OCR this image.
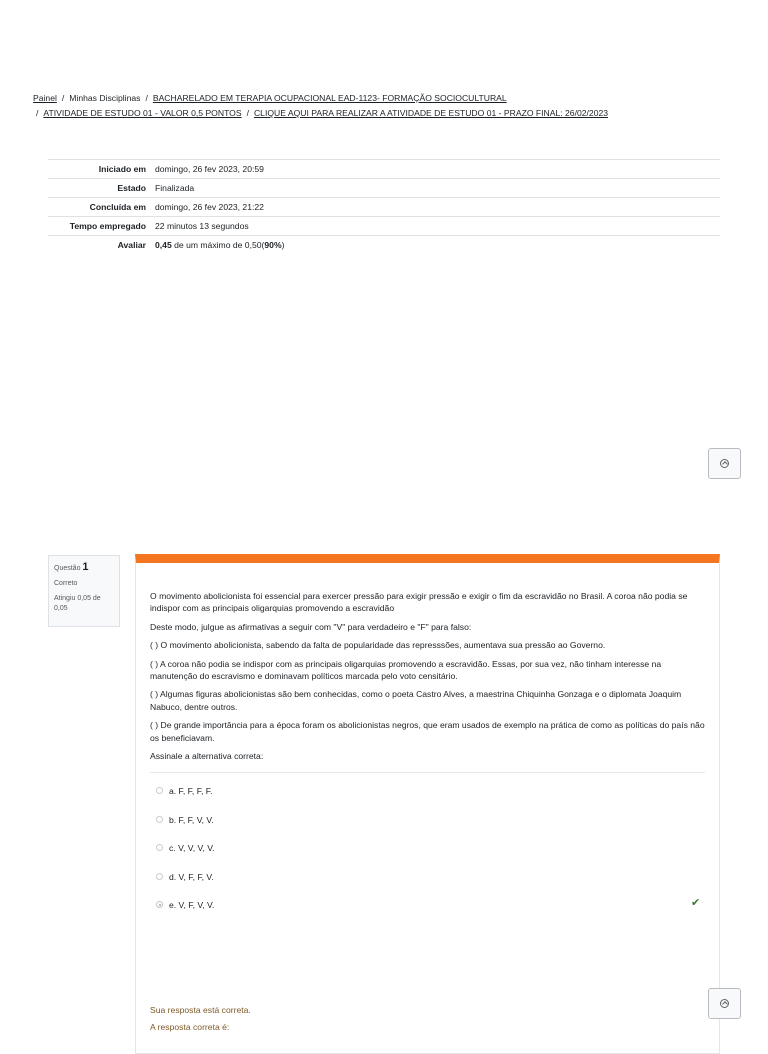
Painel / Minhas Disciplinas / BACHARELADO EM TERAPIA OCUPACIONAL EAD-1123- FORMAÇÃO SOCIOCULTURAL
/ ATIVIDADE DE ESTUDO 01 - VALOR 0,5 PONTOS / CLIQUE AQUI PARA REALIZAR A ATIVIDADE DE ESTUDO 01 - PRAZO FINAL: 26/02/2023
Iniciado em	domingo, 26 fev 2023, 20:59
Estado	Finalizada
Concluída em	domingo, 26 fev 2023, 21:22
Tempo empregado	22 minutos 13 segundos
Avaliar	0,45 de um máximo de 0,50(90%)
Questão 1
Correto
Atingiu 0,05 de 0,05

O movimento abolicionista foi essencial para exercer pressão para exigir pressão e exigir o fim da escravidão no Brasil. A coroa não podia se indispor com as principais oligarquias promovendo a escravidão

Deste modo, julgue as afirmativas a seguir com "V" para verdadeiro e "F" para falso:

( ) O movimento abolicionista, sabendo da falta de popularidade das represssões, aumentava sua pressão ao Governo.

( ) A coroa não podia se indispor com as principais oligarquias promovendo a escravidão. Essas, por sua vez, não tinham interesse na manutenção do escravismo e dominavam políticos marcada pelo voto censitário.

( ) Algumas figuras abolicionistas são bem conhecidas, como o poeta Castro Alves, a maestrina Chiquinha Gonzaga e o diplomata Joaquim Nabuco, dentre outros.

( ) De grande importância para a época foram os abolicionistas negros, que eram usados de exemplo na prática de como as políticas do país não os beneficiavam.

Assinale a alternativa correta:

a. F, F, F, F.
b. F, F, V, V.
c. V, V, V, V.
d. V, F, F, V.
e. V, F, V, V.	✔
Sua resposta está correta.
A resposta correta é:
